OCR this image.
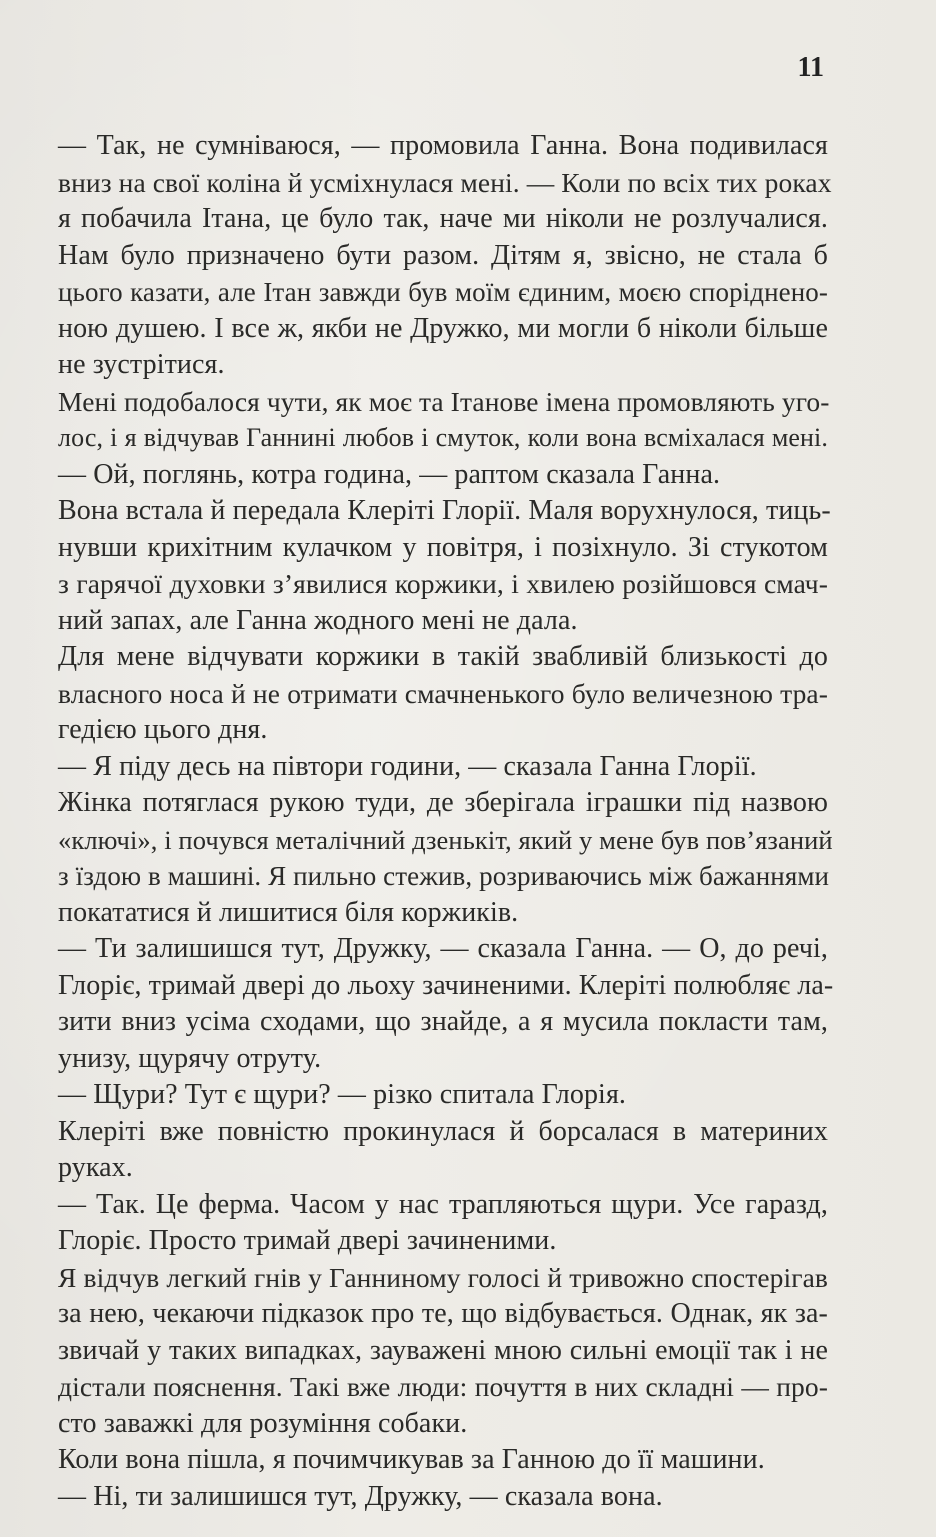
11
— Так, не сумніваюся, — промовила Ганна. Вона подивилася
вниз на свої коліна й усміхнулася мені. — Коли по всіх тих роках
я побачила Ітана, це було так, наче ми ніколи не розлучалися.
Нам було призначено бути разом. Дітям я, звісно, не стала б
цього казати, але Ітан завжди був моїм єдиним, моєю споріднено-
ною душею. І все ж, якби не Дружко, ми могли б ніколи більше
не зустрітися.
Мені подобалося чути, як моє та Ітанове імена промовляють уго-
лос, і я відчував Ганнині любов і смуток, коли вона всміхалася мені.
— Ой, поглянь, котра година, — раптом сказала Ганна.
Вона встала й передала Клеріті Глорії. Маля ворухнулося, тиць-
нувши крихітним кулачком у повітря, і позіхнуло. Зі стукотом
з гарячої духовки з’явилися коржики, і хвилею розійшовся смач-
ний запах, але Ганна жодного мені не дала.
Для мене відчувати коржики в такій звабливій близькості до
власного носа й не отримати смачненького було величезною тра-
гедією цього дня.
— Я піду десь на півтори години, — сказала Ганна Глорії.
Жінка потяглася рукою туди, де зберігала іграшки під назвою
«ключі», і почувся металічний дзенькіт, який у мене був пов’язаний
з їздою в машині. Я пильно стежив, розриваючись між бажаннями
покататися й лишитися біля коржиків.
— Ти залишишся тут, Дружку, — сказала Ганна. — О, до речі,
Глоріє, тримай двері до льоху зачиненими. Клеріті полюбляє ла-
зити вниз усіма сходами, що знайде, а я мусила покласти там,
унизу, щурячу отруту.
— Щури? Тут є щури? — різко спитала Глорія.
Клеріті вже повністю прокинулася й борсалася в материних
руках.
— Так. Це ферма. Часом у нас трапляються щури. Усе гаразд,
Глоріє. Просто тримай двері зачиненими.
Я відчув легкий гнів у Ганниному голосі й тривожно спостерігав
за нею, чекаючи підказок про те, що відбувається. Однак, як за-
звичай у таких випадках, зауважені мною сильні емоції так і не
дістали пояснення. Такі вже люди: почуття в них складні — про-
сто заважкі для розуміння собаки.
Коли вона пішла, я почимчикував за Ганною до її машини.
— Ні, ти залишишся тут, Дружку, — сказала вона.
